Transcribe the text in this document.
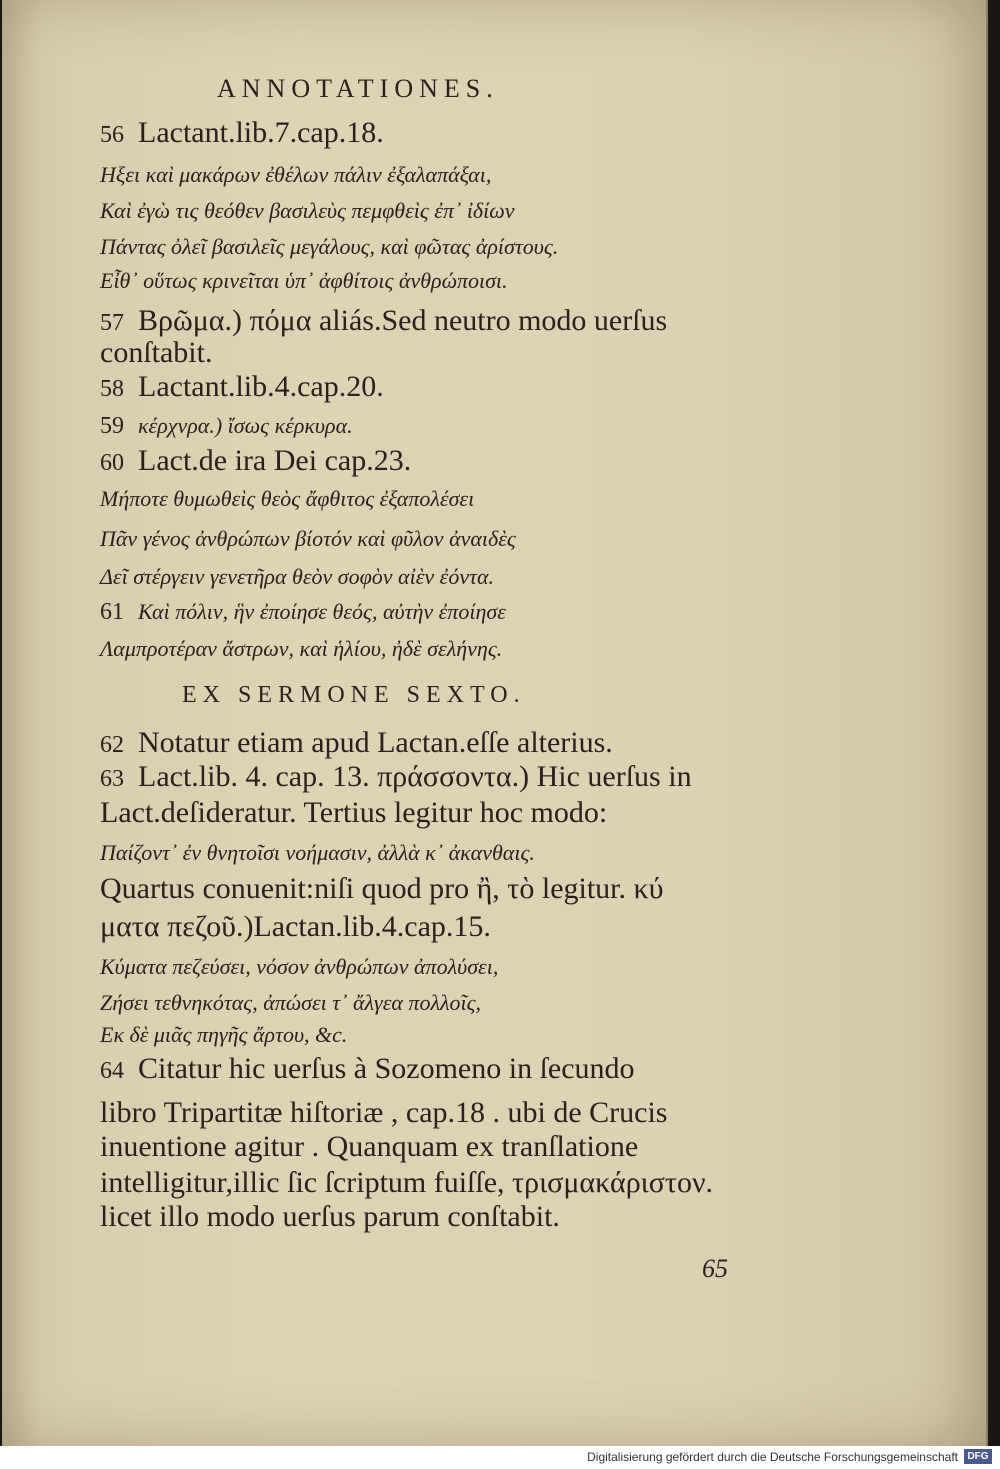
ANNOTATIONES.
56 Lactant.lib.7.cap.18.
Ηξει καὶ μακάρων ἐθέλων πάλιν ἐξαλαπάξαι,
Καὶ ἐγὼ τις θεόθεν βασιλεὺς πεμφθεὶς ἐπ᾽ ἰδίων
Πάντας ὀλεῖ βασιλεῖς μεγάλους, καὶ φῶτας ἀρίστους.
Εἶθ᾽ οὕτως κρινεῖται ὑπ᾽ ἀφθίτοις ἀνθρώποισι.
57 Βρῶμα.) πόμα aliás.Sed neutro modo uerſus
conſtabit.
58 Lactant.lib.4.cap.20.
59 κέρχνρα.) ἴσως κέρκυρα.
60 Lact.de ira Dei cap.23.
Μήποτε θυμωθεὶς θεὸς ἄφθιτος ἐξαπολέσει
Πᾶν γένος ἀνθρώπων βίοτόν καὶ φῦλον ἀναιδὲς
Δεῖ στέργειν γενετῆρα θεὸν σοφὸν αἰὲν ἐόντα.
61 Καὶ πόλιν, ἣν ἐποίησε θεός, αὐτὴν ἐποίησε
Λαμπροτέραν ἄστρων, καὶ ἡλίου, ἠδὲ σελήνης.
EX SERMONE SEXTO.
62 Notatur etiam apud Lactan.eſſe alterius.
63 Lact.lib. 4. cap. 13. πράσσοντα.) Hic uerſus in
Lact.deſideratur. Tertius legitur hoc modo:
Παίζοντ᾽ ἐν θνητοῖσι νοήμασιν, ἀλλὰ κ᾽ ἀκανθαις.
Quartus conuenit:niſi quod pro ἢ, τὸ legitur. κύ
ματα πεζοῦ.)Lactan.lib.4.cap.15.
Κύματα πεζεύσει, νόσον ἀνθρώπων ἀπολύσει,
Ζήσει τεθνηκότας, ἀπώσει τ᾽ ἄλγεα πολλοῖς,
Εκ δὲ μιᾶς πηγῆς ἄρτου, &c.
64 Citatur hic uerſus à Sozomeno in ſecundo
libro Tripartitæ hiſtoriæ , cap.18 . ubi de Crucis
inuentione agitur . Quanquam ex tranſlatione
intelligitur,illic ſic ſcriptum fuiſſe, τρισμακάριστον.
licet illo modo uerſus parum conſtabit.
65
Digitalisierung gefördert durch die Deutsche Forschungsgemeinschaft DFG
